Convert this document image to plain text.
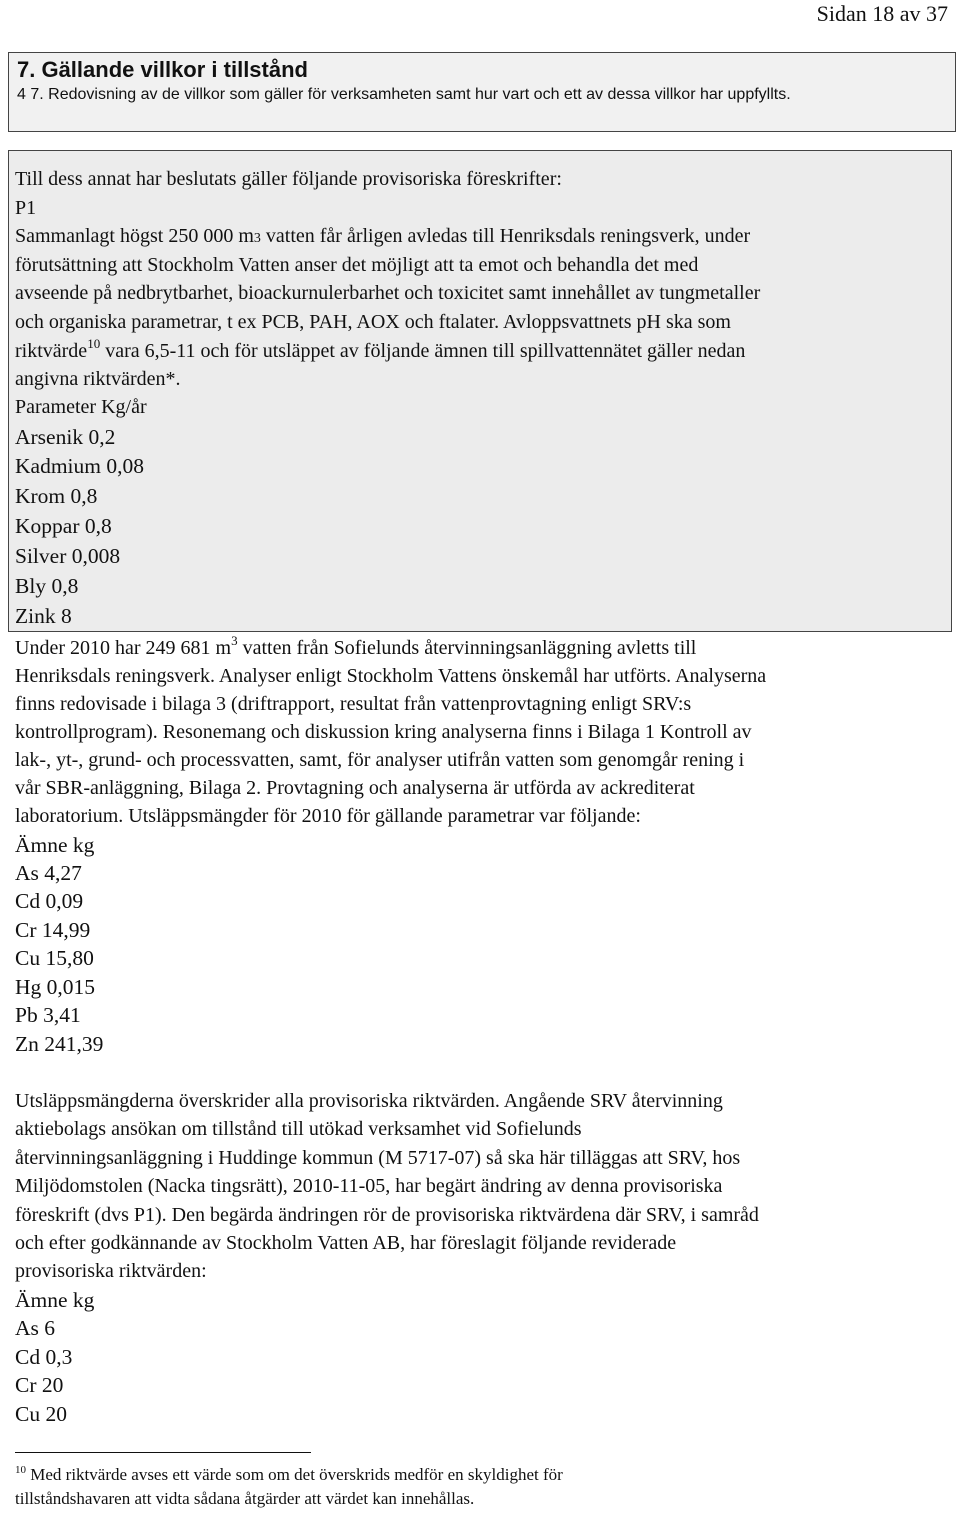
Sidan 18 av 37
7. Gällande villkor i tillstånd
4 7. Redovisning av de villkor som gäller för verksamheten samt hur vart och ett av dessa villkor har uppfyllts.
Till dess annat har beslutats gäller följande provisoriska föreskrifter:
P1
Sammanlagt högst 250 000 m3 vatten får årligen avledas till Henriksdals reningsverk, under
förutsättning att Stockholm Vatten anser det möjligt att ta emot och behandla det med
avseende på nedbrytbarhet, bioackurnulerbarhet och toxicitet samt innehållet av tungmetaller
och organiska parametrar, t ex PCB, PAH, AOX och ftalater. Avloppsvattnets pH ska som
riktvärde$^{10}$ vara 6,5-11 och för utsläppet av följande ämnen till spillvattennätet gäller nedan
angivna riktvärden*.
Parameter Kg/år
Arsenik 0,2
Kadmium 0,08
Krom 0,8
Koppar 0,8
Silver 0,008
Bly 0,8
Zink 8
Under 2010 har 249 681 $m^3$ vatten från Sofielunds återvinningsanläggning avletts till
Henriksdals reningsverk. Analyser enligt Stockholm Vattens önskemål har utförts. Analyserna
finns redovisade i bilaga 3 (driftrapport, resultat från vattenprovtagning enligt SRV:s
kontrollprogram). Resonemang och diskussion kring analyserna finns i Bilaga 1 Kontroll av
lak-, yt-, grund- och processvatten, samt, för analyser utifrån vatten som genomgår rening i
vår SBR-anläggning, Bilaga 2. Provtagning och analyserna är utförda av ackrediterat
laboratorium. Utsläppsmängder för 2010 för gällande parametrar var följande:
Ämne kg
As 4,27
Cd 0,09
Cr 14,99
Cu 15,80
Hg 0,015
Pb 3,41
Zn 241,39
Utsläppsmängderna överskrider alla provisoriska riktvärden. Angående SRV återvinning
aktiebolags ansökan om tillstånd till utökad verksamhet vid Sofielunds
återvinningsanläggning i Huddinge kommun (M 5717-07) så ska här tilläggas att SRV, hos
Miljödomstolen (Nacka tingsrätt), 2010-11-05, har begärt ändring av denna provisoriska
föreskrift (dvs P1). Den begärda ändringen rör de provisoriska riktvärdena där SRV, i samråd
och efter godkännande av Stockholm Vatten AB, har föreslagit följande reviderade
provisoriska riktvärden:
Ämne kg
As 6
Cd 0,3
Cr 20
Cu 20
$^{10}$ Med riktvärde avses ett värde som om det överskrids medför en skyldighet för
tillståndshavaren att vidta sådana åtgärder att värdet kan innehållas.
